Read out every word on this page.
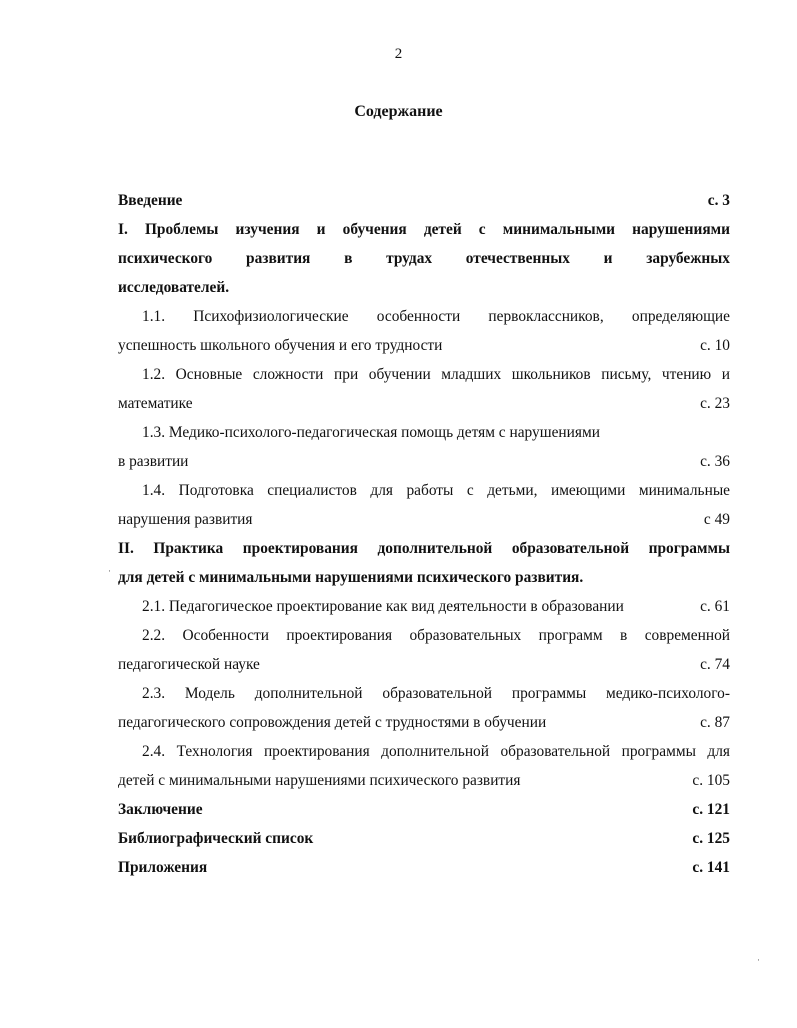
2
Содержание
Введение	с. 3
I. Проблемы изучения и обучения детей с минимальными нарушениями
психического развития в трудах отечественных и зарубежных
исследователей.
1.1. Психофизиологические особенности первоклассников, определяющие
успешность школьного обучения и его трудности	с. 10
1.2. Основные сложности при обучении младших школьников письму, чтению и
математике	с. 23
1.3. Медико-психолого-педагогическая помощь детям с нарушениями
в развитии	с. 36
1.4. Подготовка специалистов для работы с детьми, имеющими минимальные
нарушения развития	с 49
II. Практика проектирования дополнительной образовательной программы
для детей с минимальными нарушениями психического развития.
2.1. Педагогическое проектирование как вид деятельности в образовании	с. 61
2.2. Особенности проектирования образовательных программ в современной
педагогической науке	с. 74
2.3. Модель дополнительной образовательной программы медико-психолого-
педагогического сопровождения детей с трудностями в обучении	с. 87
2.4. Технология проектирования дополнительной образовательной программы для
детей с минимальными нарушениями психического развития	с. 105
Заключение	с. 121
Библиографический список	с. 125
Приложения	с. 141
·
·
